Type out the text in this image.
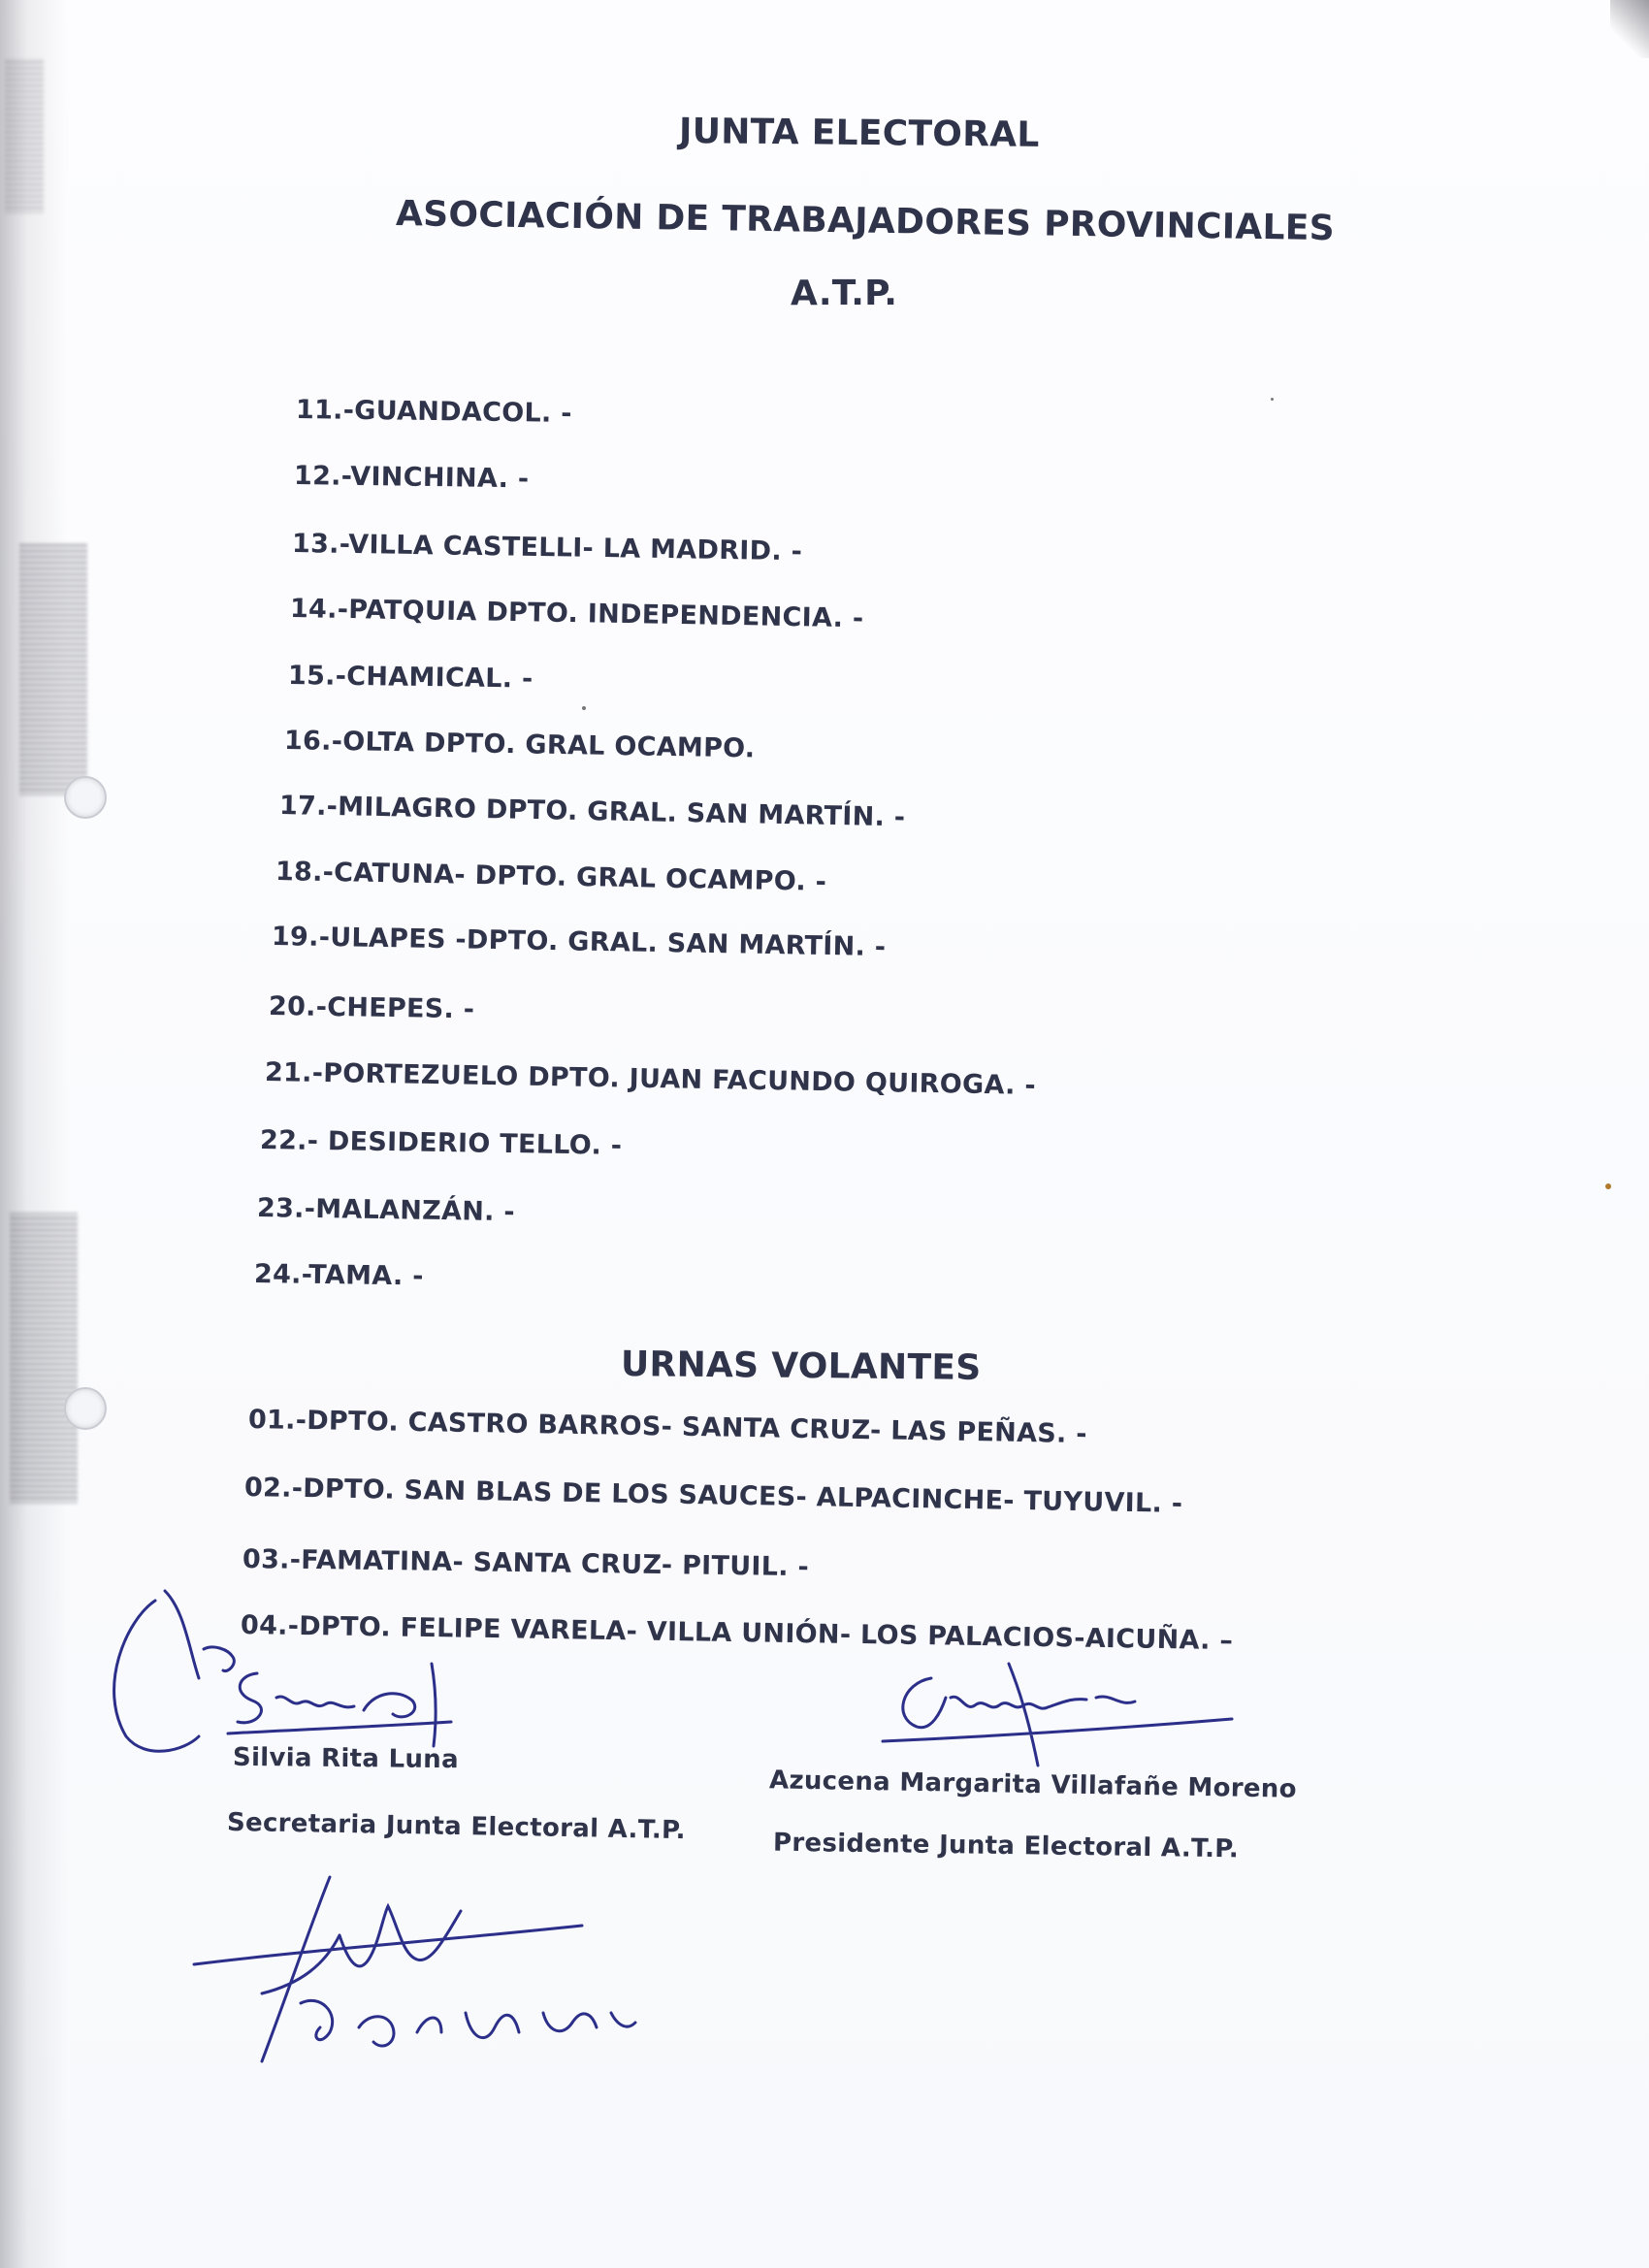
JUNTA ELECTORAL
ASOCIACIÓN DE TRABAJADORES PROVINCIALES
A.T.P.
11.-GUANDACOL. -
12.-VINCHINA. -
13.-VILLA CASTELLI- LA MADRID. -
14.-PATQUIA DPTO. INDEPENDENCIA. -
15.-CHAMICAL. -
16.-OLTA DPTO. GRAL OCAMPO.
17.-MILAGRO DPTO. GRAL. SAN MARTÍN. -
18.-CATUNA- DPTO. GRAL OCAMPO. -
19.-ULAPES -DPTO. GRAL. SAN MARTÍN. -
20.-CHEPES. -
21.-PORTEZUELO DPTO. JUAN FACUNDO QUIROGA. -
22.- DESIDERIO TELLO. -
23.-MALANZÁN. -
24.-TAMA. -
URNAS VOLANTES
01.-DPTO. CASTRO BARROS- SANTA CRUZ- LAS PEÑAS. -
02.-DPTO. SAN BLAS DE LOS SAUCES- ALPACINCHE- TUYUVIL. -
03.-FAMATINA- SANTA CRUZ- PITUIL. -
04.-DPTO. FELIPE VARELA- VILLA UNIÓN- LOS PALACIOS-AICUÑA. –
Silvia Rita Luna
Secretaria Junta Electoral A.T.P.
Azucena Margarita Villafañe Moreno
Presidente Junta Electoral A.T.P.
